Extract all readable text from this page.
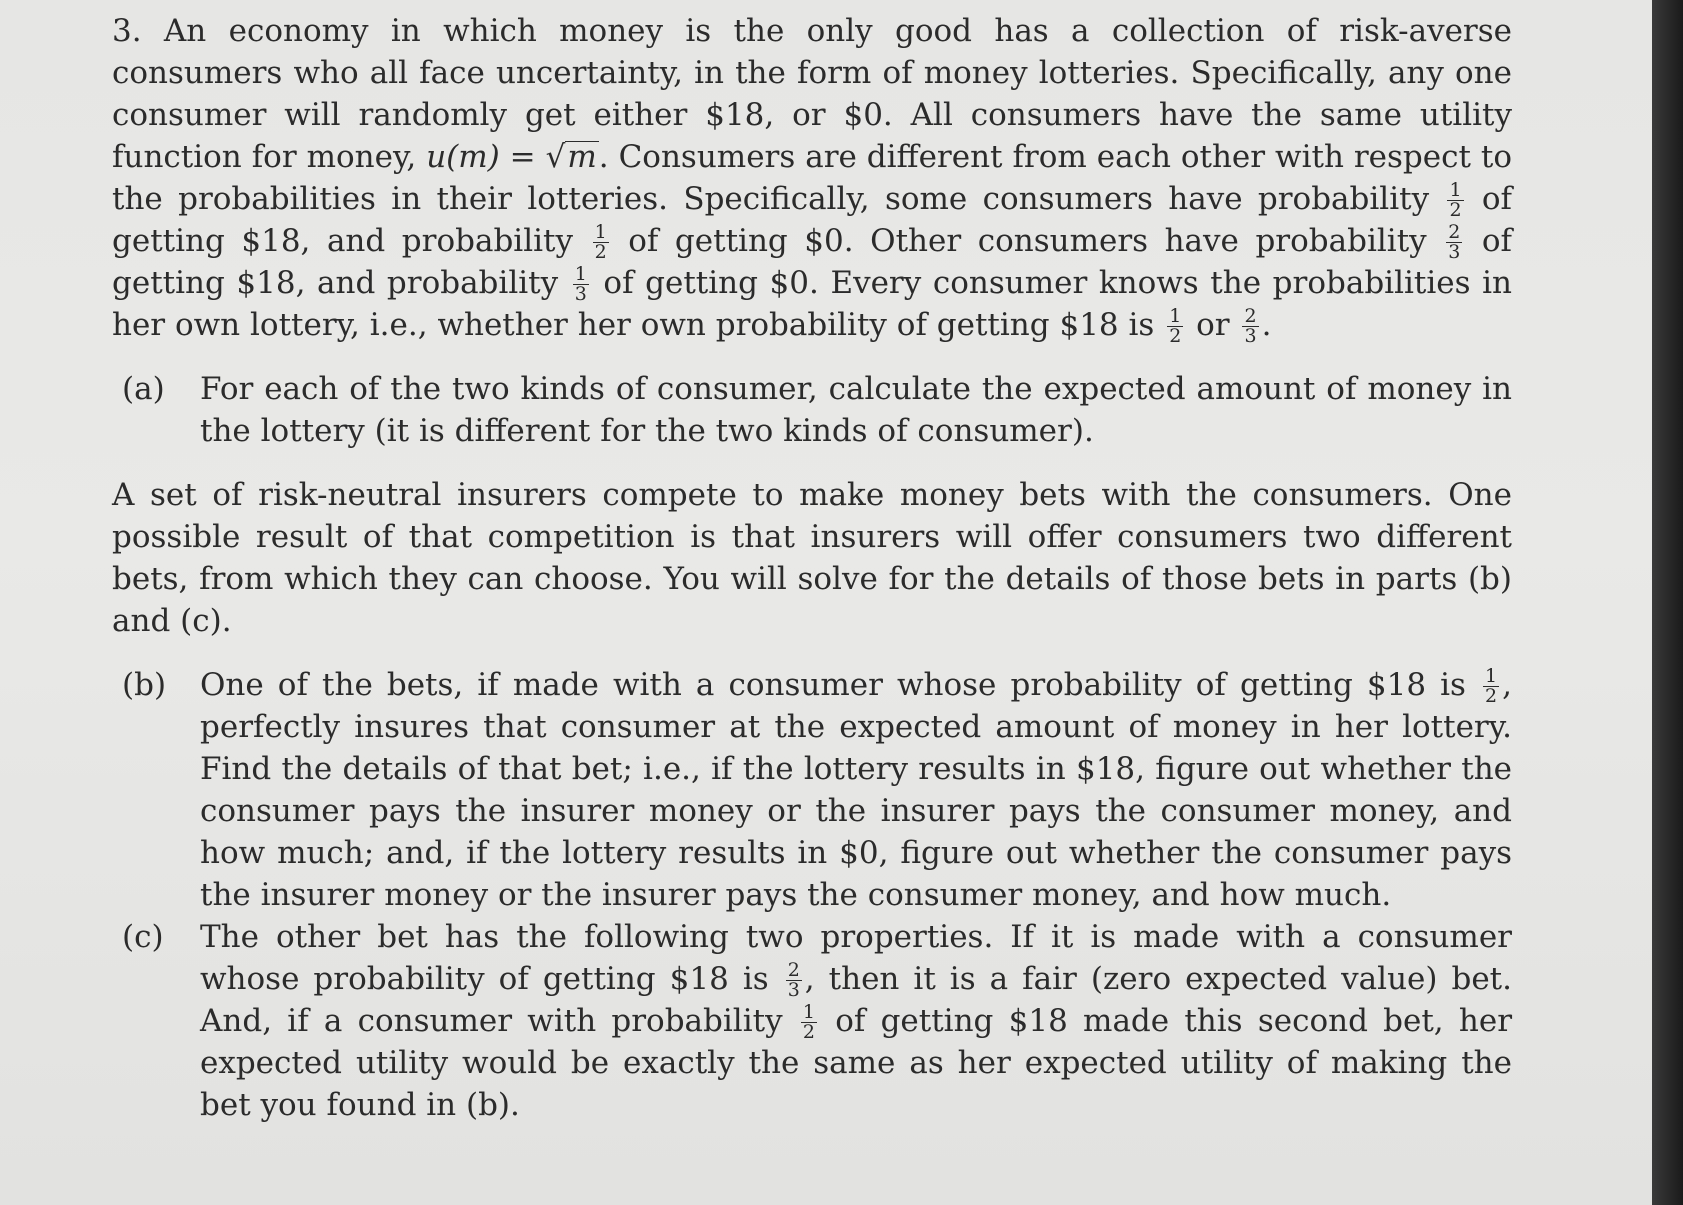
3. An economy in which money is the only good has a collection of risk-averse consumers who all face uncertainty, in the form of money lotteries. Specifically, any one consumer will randomly get either $18, or $0. All consumers have the same utility function for money, u(m) = √m. Consumers are different from each other with respect to the probabilities in their lotteries. Specifically, some consumers have probability $\frac{1}{2}$ of getting $18, and probability $\frac{1}{2}$ of getting $0. Other consumers have probability $\frac{2}{3}$ of getting $18, and probability $\frac{1}{3}$ of getting $0. Every consumer knows the probabilities in her own lottery, i.e., whether her own probability of getting $18 is $\frac{1}{2}$ or $\frac{2}{3}$ .

(a) For each of the two kinds of consumer, calculate the expected amount of money in the lottery (it is different for the two kinds of consumer).

A set of risk-neutral insurers compete to make money bets with the consumers. One possible result of that competition is that insurers will offer consumers two different bets, from which they can choose. You will solve for the details of those bets in parts (b) and (c).

(b) One of the bets, if made with a consumer whose probability of getting $18 is $\frac{1}{2}$ , perfectly insures that consumer at the expected amount of money in her lottery. Find the details of that bet; i.e., if the lottery results in $18, figure out whether the consumer pays the insurer money or the insurer pays the consumer money, and how much; and, if the lottery results in $0, figure out whether the consumer pays the insurer money or the insurer pays the consumer money, and how much.
(c) The other bet has the following two properties. If it is made with a consumer whose probability of getting $18 is $\frac{2}{3}$ , then it is a fair (zero expected value) bet. And, if a consumer with probability $\frac{1}{2}$ of getting $18 made this second bet, her expected utility would be exactly the same as her expected utility of making the bet you found in (b).
